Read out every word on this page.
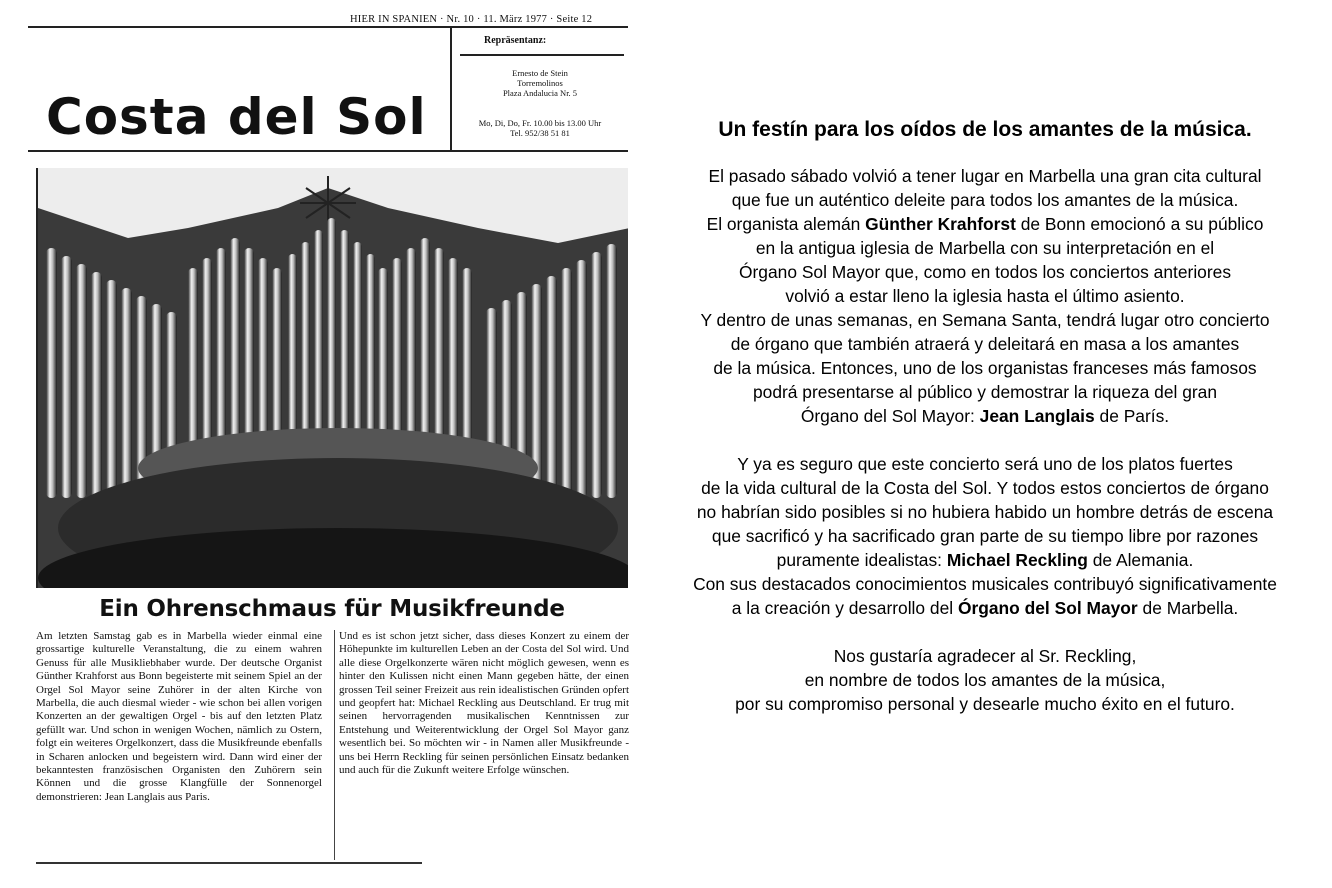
HIER IN SPANIEN · Nr. 10 · 11. März 1977 · Seite 12
Costa del Sol
Repräsentanz:
Ernesto de Stein
Torremolinos
Plaza Andalucia Nr. 5
Mo, Di, Do, Fr. 10.00 bis 13.00 Uhr
Tel. 952/38 51 81
Ein Ohrenschmaus für Musikfreunde
Am letzten Samstag gab es in Marbella wieder einmal eine grossartige kulturelle Veranstaltung, die zu einem wahren Genuss für alle Musikliebhaber wurde. Der deutsche Organist Günther Krahforst aus Bonn begeisterte mit seinem Spiel an der Orgel Sol Mayor seine Zuhörer in der alten Kirche von Marbella, die auch diesmal wieder - wie schon bei allen vorigen Konzerten an der gewaltigen Orgel - bis auf den letzten Platz gefüllt war. Und schon in wenigen Wochen, nämlich zu Ostern, folgt ein weiteres Orgelkonzert, dass die Musikfreunde ebenfalls in Scharen anlocken und begeistern wird. Dann wird einer der bekanntesten französischen Organisten den Zuhörern sein Können und die grosse Klangfülle der Sonnenorgel demonstrieren: Jean Langlais aus Paris.
Und es ist schon jetzt sicher, dass dieses Konzert zu einem der Höhepunkte im kulturellen Leben an der Costa del Sol wird. Und alle diese Orgelkonzerte wären nicht möglich gewesen, wenn es hinter den Kulissen nicht einen Mann gegeben hätte, der einen grossen Teil seiner Freizeit aus rein idealistischen Gründen opfert und geopfert hat: Michael Reckling aus Deutschland. Er trug mit seinen hervorragenden musikalischen Kenntnissen zur Entstehung und Weiterentwicklung der Orgel Sol Mayor ganz wesentlich bei. So möchten wir - in Namen aller Musikfreunde - uns bei Herrn Reckling für seinen persönlichen Einsatz bedanken und auch für die Zukunft weitere Erfolge wünschen.
Un festín para los oídos de los amantes de la música.
El pasado sábado volvió a tener lugar en Marbella una gran cita cultural
que fue un auténtico deleite para todos los amantes de la música.
El organista alemán Günther Krahforst de Bonn emocionó a su público
en la antigua iglesia de Marbella con su interpretación en el
Órgano Sol Mayor que, como en todos los conciertos anteriores
volvió a estar lleno la iglesia hasta el último asiento.
Y dentro de unas semanas, en Semana Santa, tendrá lugar otro concierto
de órgano que también atraerá y deleitará en masa a los amantes
de la música. Entonces, uno de los organistas franceses más famosos
podrá presentarse al público y demostrar la riqueza del gran
Órgano del Sol Mayor: Jean Langlais de París.
Y ya es seguro que este concierto será uno de los platos fuertes
de la vida cultural de la Costa del Sol. Y todos estos conciertos de órgano
no habrían sido posibles si no hubiera habido un hombre detrás de escena
que sacrificó y ha sacrificado gran parte de su tiempo libre por razones
puramente idealistas: Michael Reckling de Alemania.
Con sus destacados conocimientos musicales contribuyó significativamente
a la creación y desarrollo del Órgano del Sol Mayor de Marbella.
Nos gustaría agradecer al Sr. Reckling,
en nombre de todos los amantes de la música,
por su compromiso personal y desearle mucho éxito en el futuro.
